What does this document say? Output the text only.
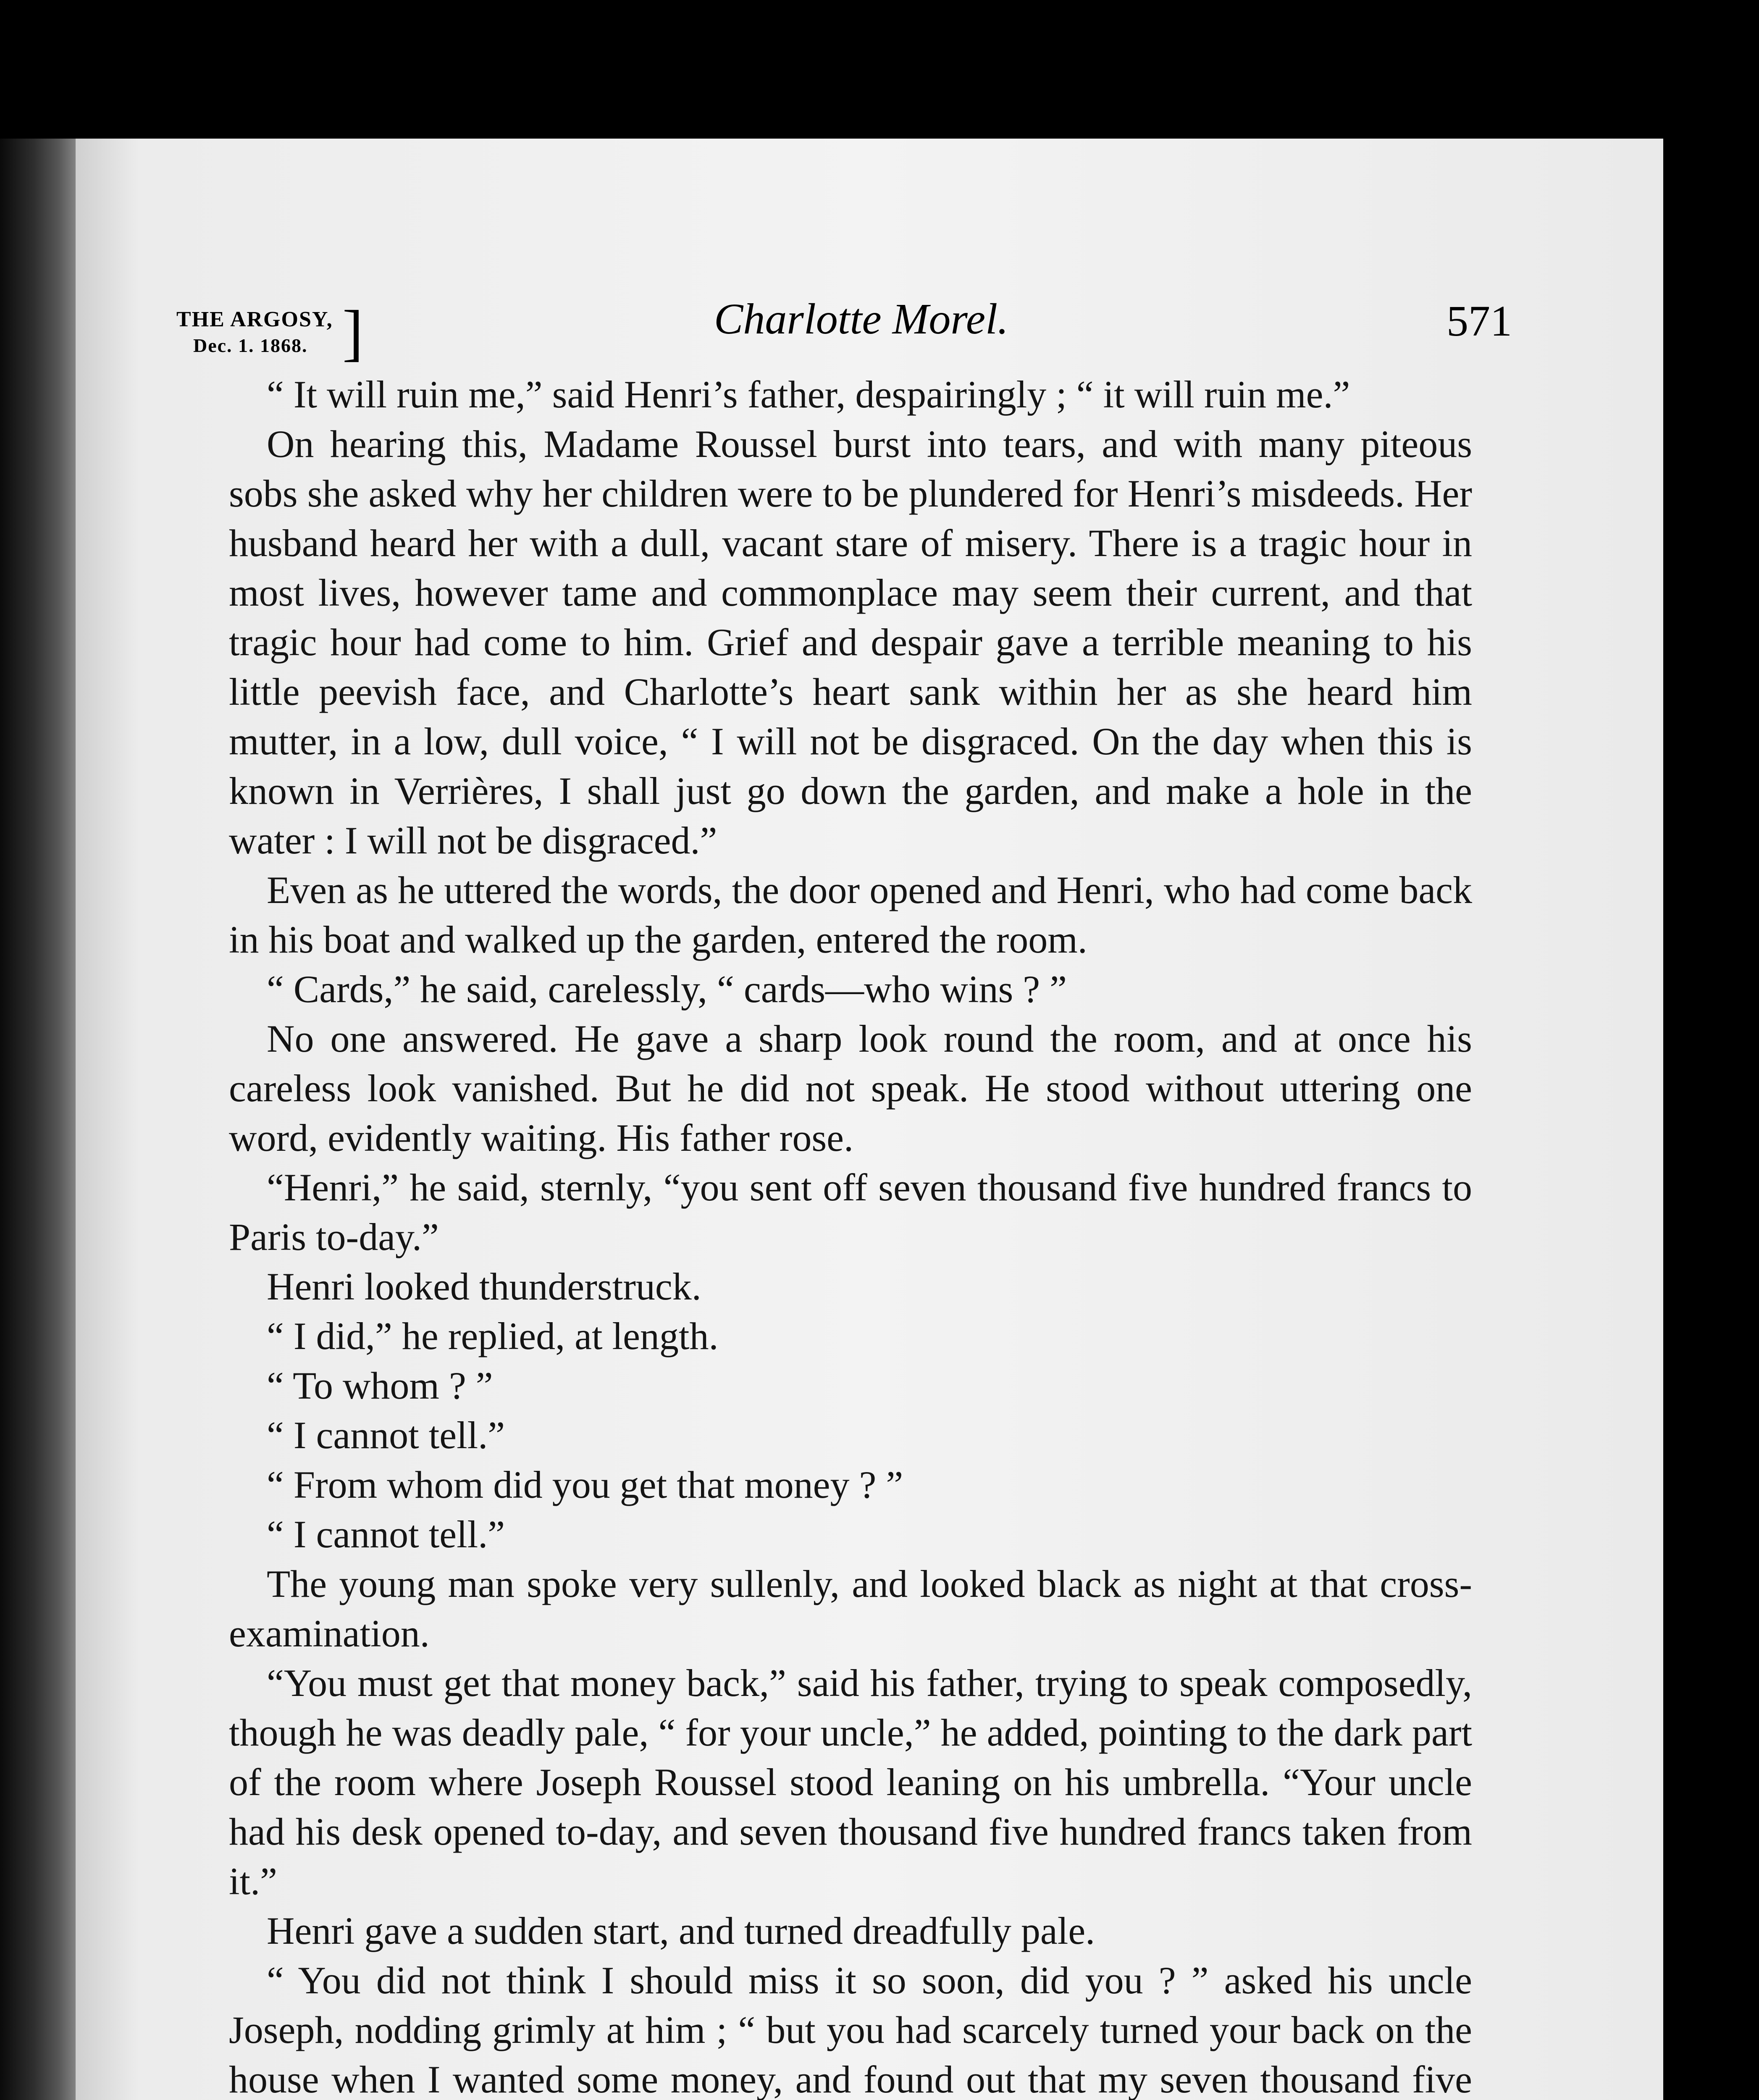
THE ARGOSY,
Dec. 1. 1868. ]	Charlotte Morel.	571

“ It will ruin me,” said Henri’s father, despairingly ; “ it will ruin me.”

On hearing this, Madame Roussel burst into tears, and with many piteous sobs she asked why her children were to be plundered for Henri’s misdeeds. Her husband heard her with a dull, vacant stare of misery. There is a tragic hour in most lives, however tame and commonplace may seem their current, and that tragic hour had come to him. Grief and despair gave a terrible meaning to his little peevish face, and Charlotte’s heart sank within her as she heard him mutter, in a low, dull voice, “ I will not be disgraced. On the day when this is known in Verrières, I shall just go down the garden, and make a hole in the water : I will not be disgraced.”

Even as he uttered the words, the door opened and Henri, who had come back in his boat and walked up the garden, entered the room.

“ Cards,” he said, carelessly, “ cards—who wins ? ”

No one answered. He gave a sharp look round the room, and at once his careless look vanished. But he did not speak. He stood without uttering one word, evidently waiting. His father rose.

“Henri,” he said, sternly, “you sent off seven thousand five hundred francs to Paris to-day.”

Henri looked thunderstruck.

“ I did,” he replied, at length.

“ To whom ? ”

“ I cannot tell.”

“ From whom did you get that money ? ”

“ I cannot tell.”

The young man spoke very sullenly, and looked black as night at that cross-examination.

“You must get that money back,” said his father, trying to speak composedly, though he was deadly pale, “ for your uncle,” he added, pointing to the dark part of the room where Joseph Roussel stood leaning on his umbrella. “Your uncle had his desk opened to-day, and seven thousand five hundred francs taken from it.”

Henri gave a sudden start, and turned dreadfully pale.

“ You did not think I should miss it so soon, did you ? ” asked his uncle Joseph, nodding grimly at him ; “ but you had scarcely turned your back on the house when I wanted some money, and found out that my seven thousand five
